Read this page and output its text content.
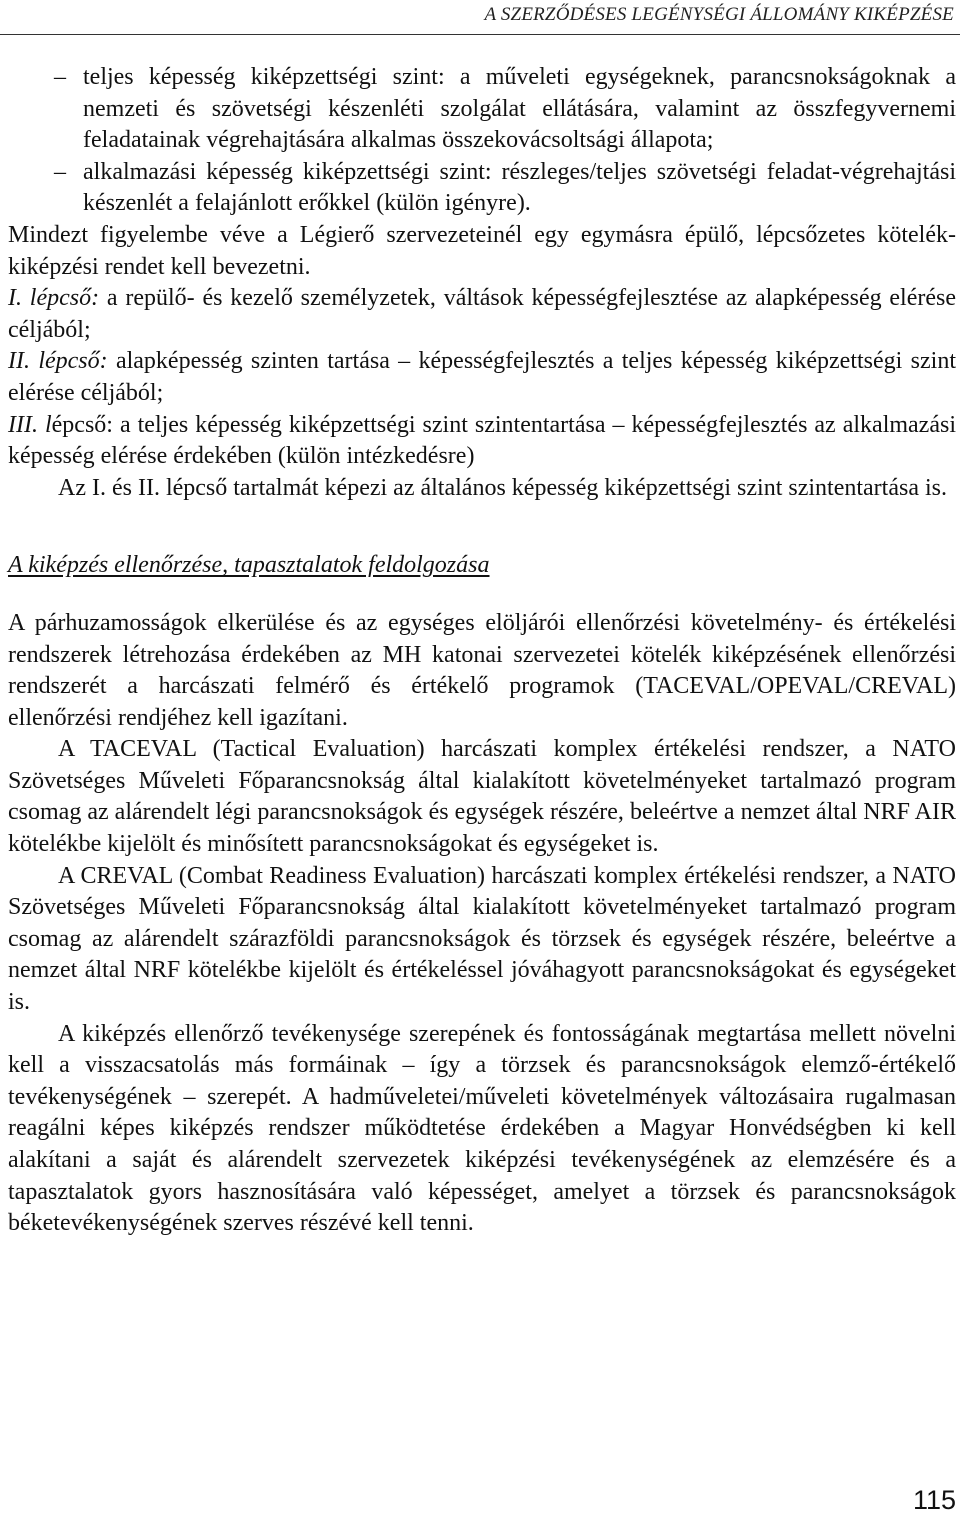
A SZERZŐDÉSES LEGÉNYSÉGI ÁLLOMÁNY KIKÉPZÉSE

– teljes képesség kiképzettségi szint: a műveleti egységeknek, parancsnokságoknak a nemzeti és szövetségi készenléti szolgálat ellátására, valamint az összfegyvernemi feladatainak végrehajtására alkalmas összekovácsoltsági állapota;

– alkalmazási képesség kiképzettségi szint: részleges/teljes szövetségi feladat-végrehajtási készenlét a felajánlott erőkkel (külön igényre).

Mindezt figyelembe véve a Légierő szervezeteinél egy egymásra épülő, lépcsőzetes kötelék-kiképzési rendet kell bevezetni.

I. lépcső: a repülő- és kezelő személyzetek, váltások képességfejlesztése az alapképesség elérése céljából;

II. lépcső: alapképesség szinten tartása – képességfejlesztés a teljes képesség kiképzettségi szint elérése céljából;

III. lépcső: a teljes képesség kiképzettségi szint szintentartása – képességfejlesztés az alkalmazási képesség elérése érdekében (külön intézkedésre)

Az I. és II. lépcső tartalmát képezi az általános képesség kiképzettségi szint szintentartása is.

A kiképzés ellenőrzése, tapasztalatok feldolgozása

A párhuzamosságok elkerülése és az egységes elöljárói ellenőrzési követelmény- és értékelési rendszerek létrehozása érdekében az MH katonai szervezetei kötelék kiképzésének ellenőrzési rendszerét a harcászati felmérő és értékelő programok (TACEVAL/OPEVAL/CREVAL) ellenőrzési rendjéhez kell igazítani.

A TACEVAL (Tactical Evaluation) harcászati komplex értékelési rendszer, a NATO Szövetséges Műveleti Főparancsnokság által kialakított követelményeket tartalmazó program csomag az alárendelt légi parancsnokságok és egységek részére, beleértve a nemzet által NRF AIR kötelékbe kijelölt és minősített parancsnokságokat és egységeket is.

A CREVAL (Combat Readiness Evaluation) harcászati komplex értékelési rendszer, a NATO Szövetséges Műveleti Főparancsnokság által kialakított követelményeket tartalmazó program csomag az alárendelt szárazföldi parancsnokságok és törzsek és egységek részére, beleértve a nemzet által NRF kötelékbe kijelölt és értékeléssel jóváhagyott parancsnokságokat és egységeket is.

A kiképzés ellenőrző tevékenysége szerepének és fontosságának megtartása mellett növelni kell a visszacsatolás más formáinak – így a törzsek és parancsnokságok elemző-értékelő tevékenységének – szerepét. A hadműveletei/műveleti követelmények változásaira rugalmasan reagálni képes kiképzés rendszer működtetése érdekében a Magyar Honvédségben ki kell alakítani a saját és alárendelt szervezetek kiképzési tevékenységének az elemzésére és a tapasztalatok gyors hasznosítására való képességet, amelyet a törzsek és parancsnokságok béketevékenységének szerves részévé kell tenni.

115
